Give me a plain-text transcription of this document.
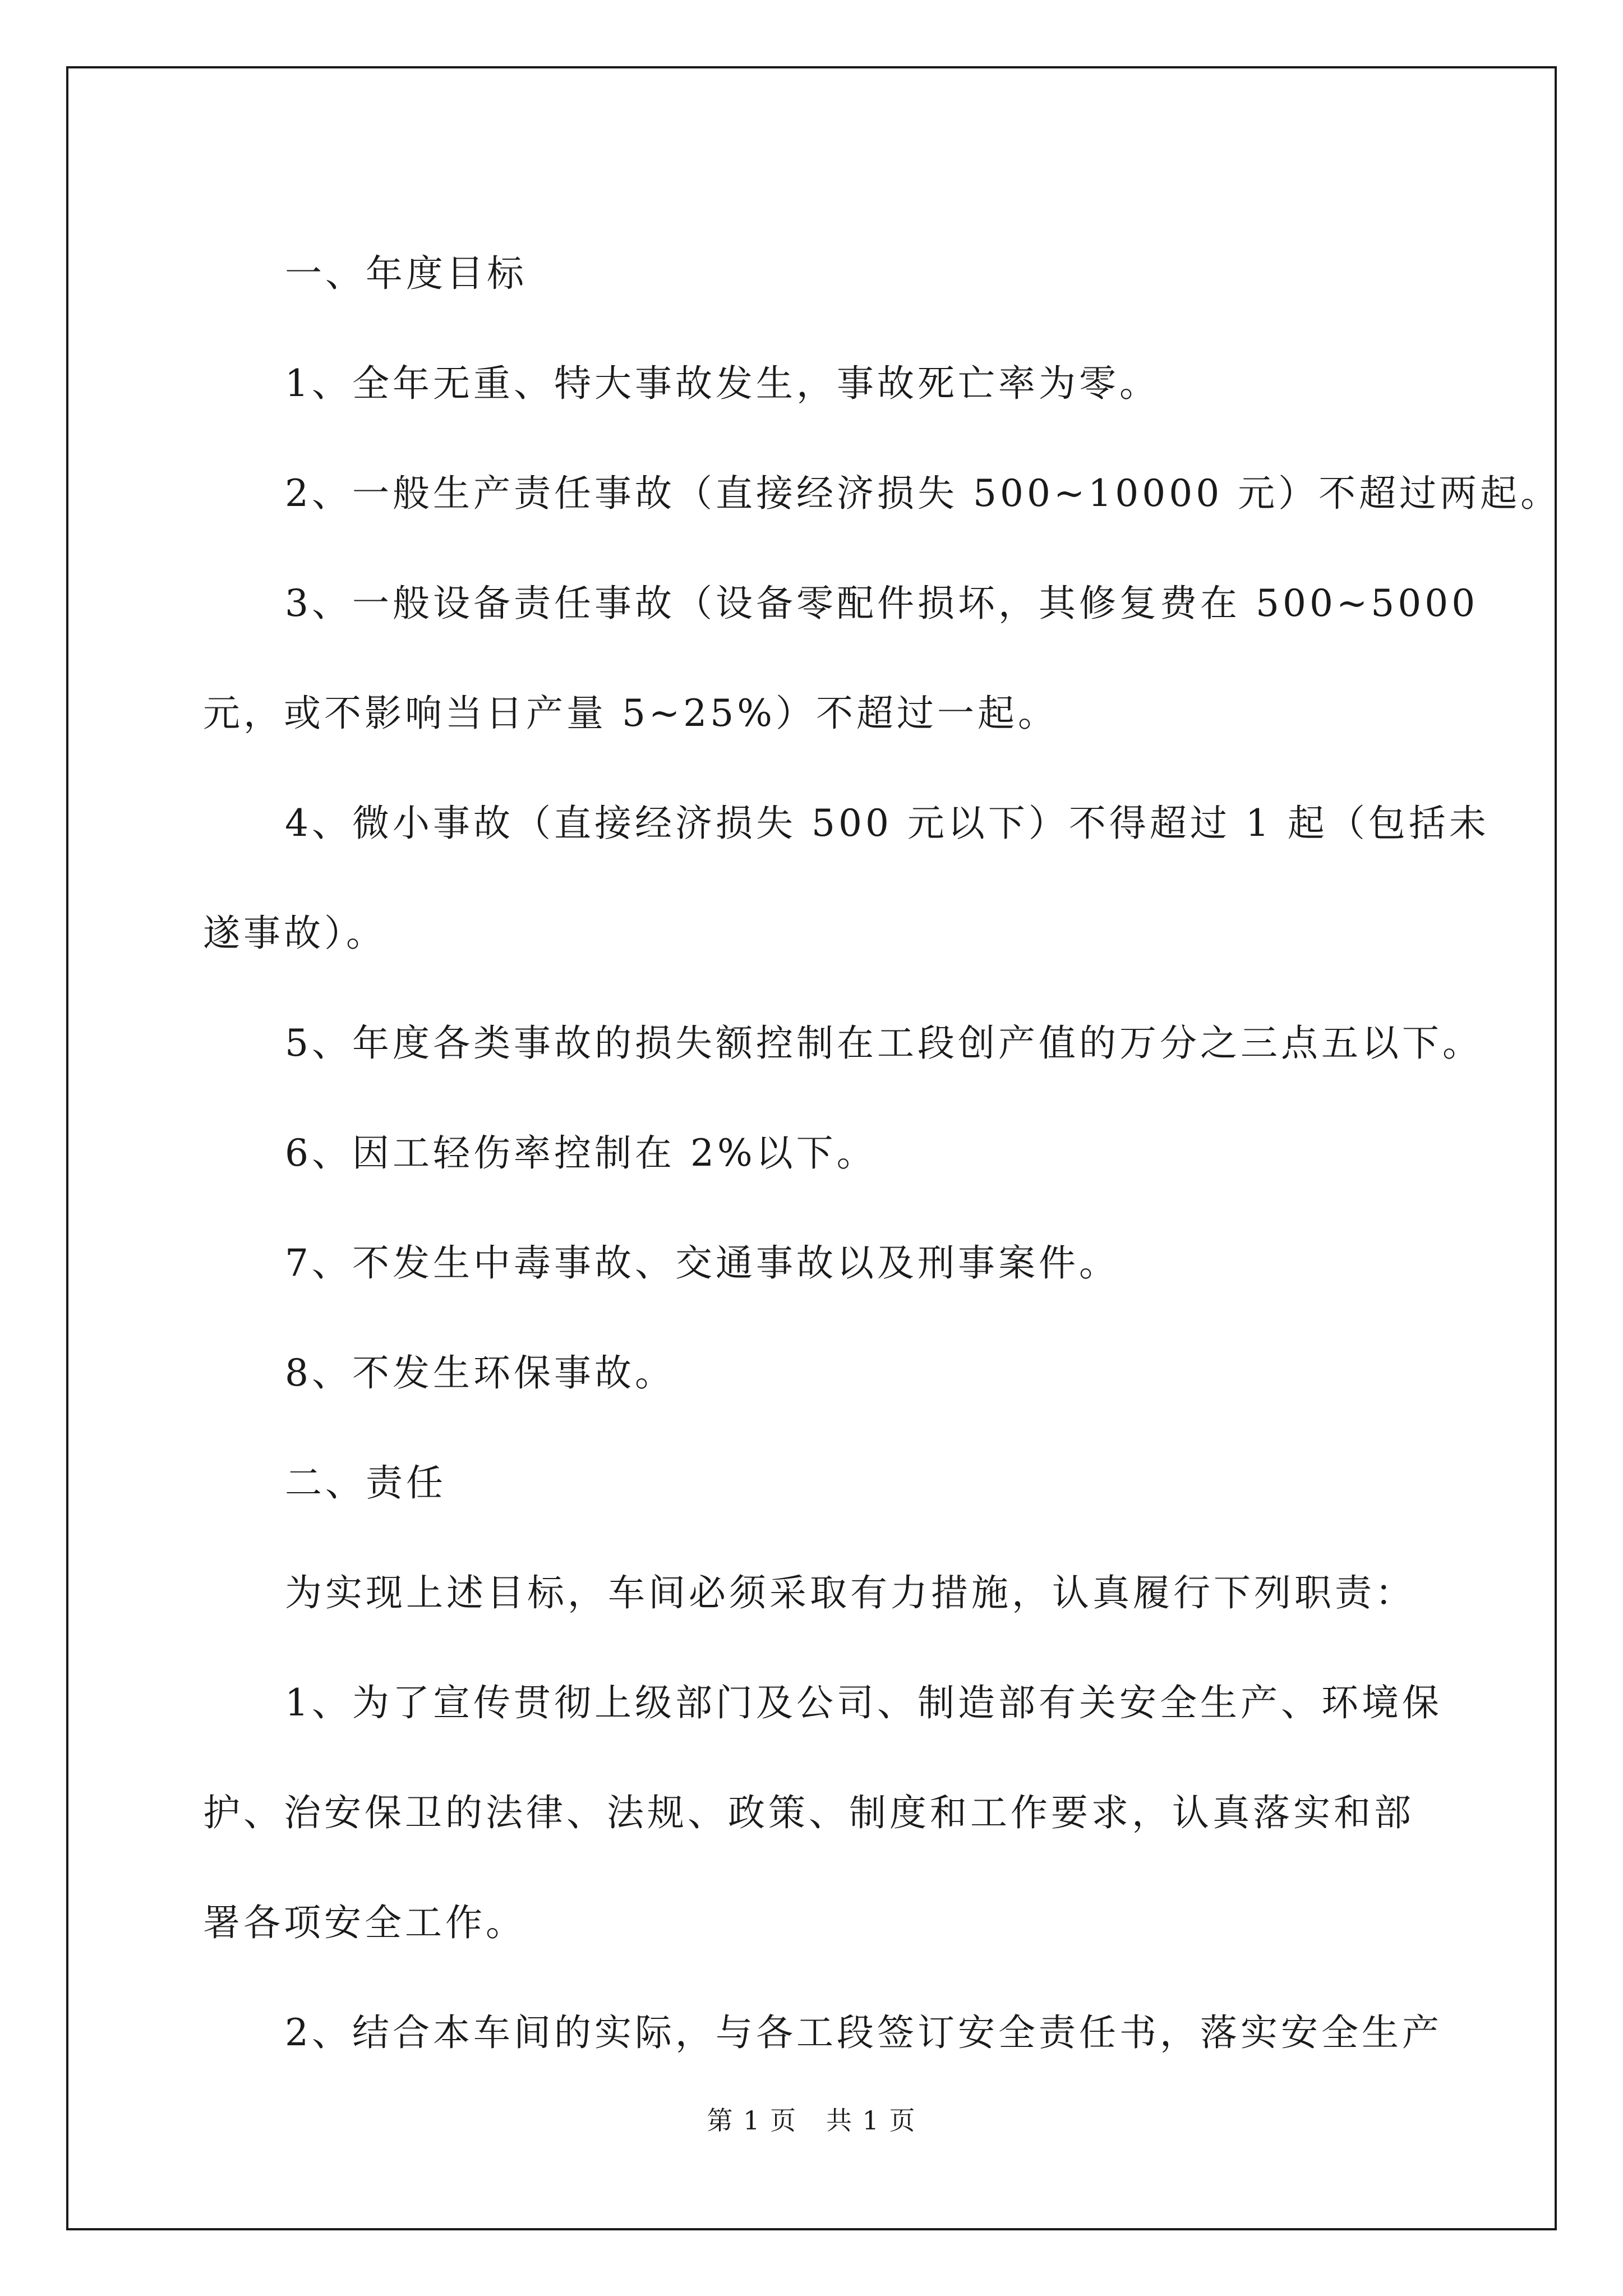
一、年度目标

1、全年无重、特大事故发生，事故死亡率为零。

2、一般生产责任事故（直接经济损失 500~10000 元）不超过两起。

3、一般设备责任事故（设备零配件损坏，其修复费在 500~5000

元，或不影响当日产量 5~25%）不超过一起。

4、微小事故（直接经济损失 500 元以下）不得超过 1 起（包括未

遂事故）。

5、年度各类事故的损失额控制在工段创产值的万分之三点五以下。

6、因工轻伤率控制在 2%以下。

7、不发生中毒事故、交通事故以及刑事案件。

8、不发生环保事故。

二、责任

为实现上述目标，车间必须采取有力措施，认真履行下列职责：

1、为了宣传贯彻上级部门及公司、制造部有关安全生产、环境保

护、治安保卫的法律、法规、政策、制度和工作要求，认真落实和部

署各项安全工作。

2、结合本车间的实际，与各工段签订安全责任书，落实安全生产

第 1 页 共 1 页
